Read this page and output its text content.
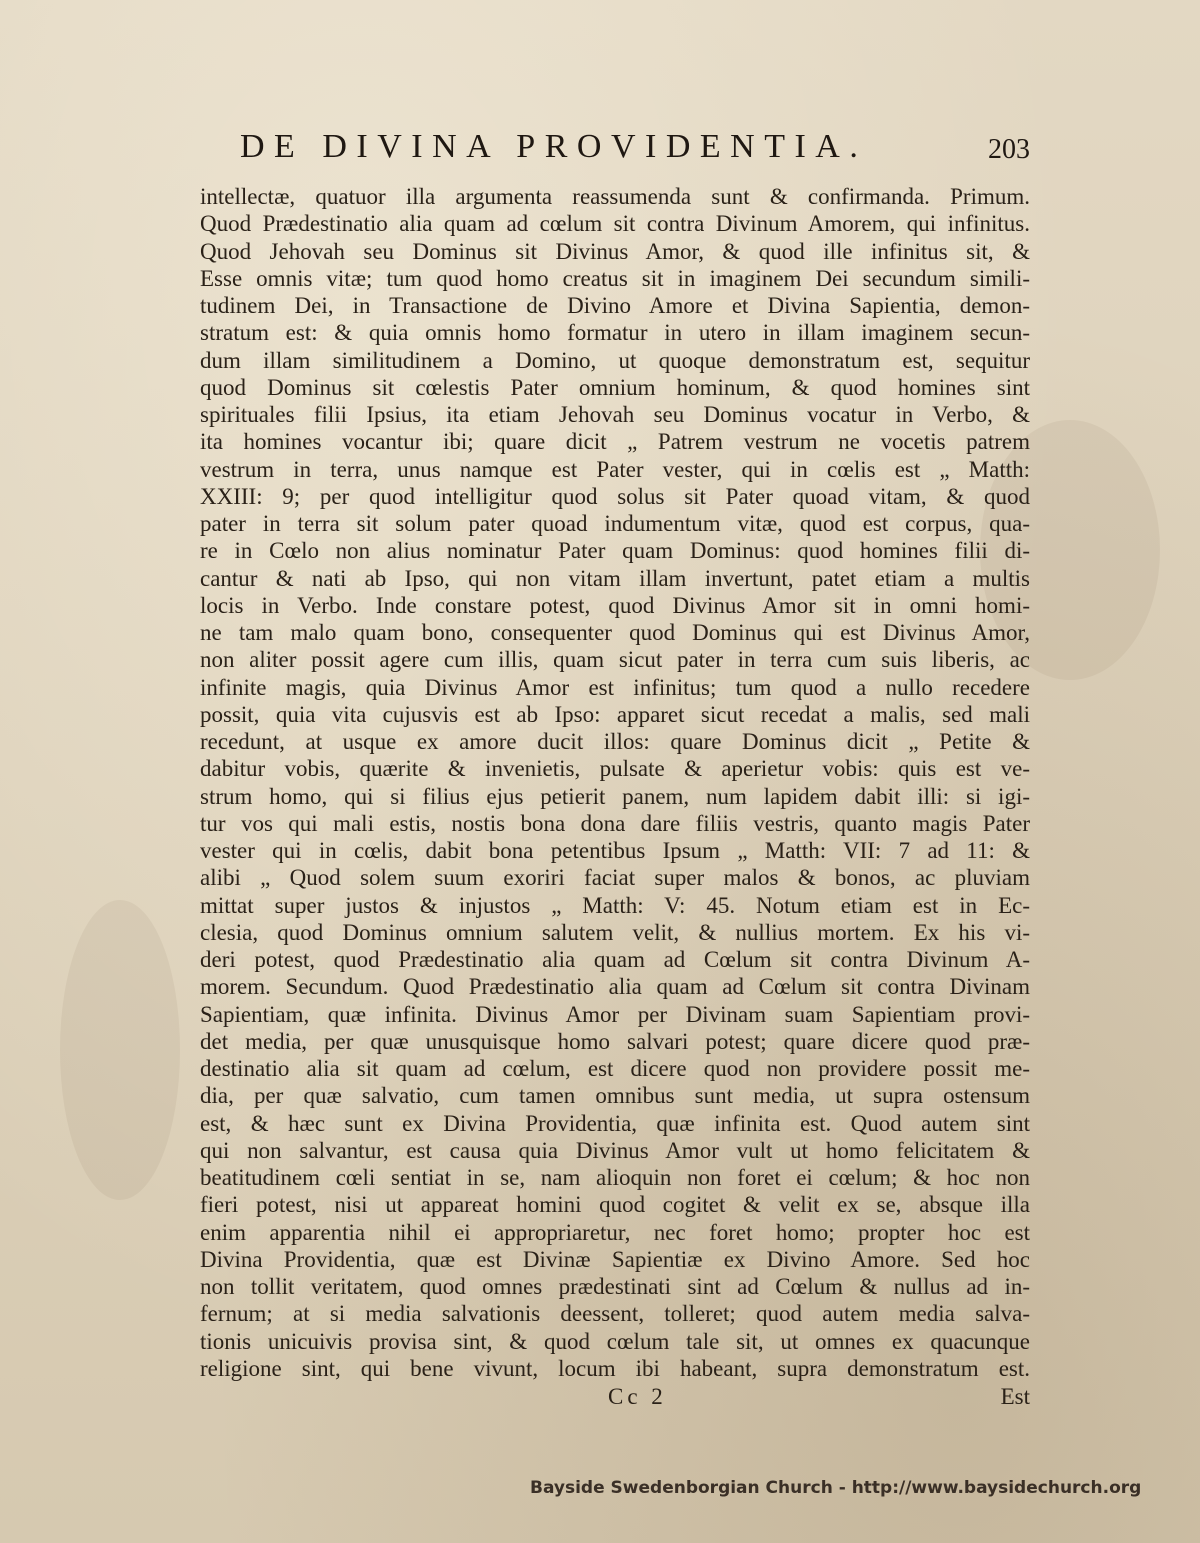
DE DIVINA PROVIDENTIA.	203
intellectæ, quatuor illa argumenta reassumenda sunt & confirmanda. Primum.
Quod Prædestinatio alia quam ad cœlum sit contra Divinum Amorem, qui infinitus.
Quod Jehovah seu Dominus sit Divinus Amor, & quod ille infinitus sit, &
Esse omnis vitæ; tum quod homo creatus sit in imaginem Dei secundum simili-
tudinem Dei, in Transactione de Divino Amore et Divina Sapientia, demon-
stratum est: & quia omnis homo formatur in utero in illam imaginem secun-
dum illam similitudinem a Domino, ut quoque demonstratum est, sequitur
quod Dominus sit cœlestis Pater omnium hominum, & quod homines sint
spirituales filii Ipsius, ita etiam Jehovah seu Dominus vocatur in Verbo, &
ita homines vocantur ibi; quare dicit „ Patrem vestrum ne vocetis patrem
vestrum in terra, unus namque est Pater vester, qui in cœlis est „ Matth:
XXIII: 9; per quod intelligitur quod solus sit Pater quoad vitam, & quod
pater in terra sit solum pater quoad indumentum vitæ, quod est corpus, qua-
re in Cœlo non alius nominatur Pater quam Dominus: quod homines filii di-
cantur & nati ab Ipso, qui non vitam illam invertunt, patet etiam a multis
locis in Verbo. Inde constare potest, quod Divinus Amor sit in omni homi-
ne tam malo quam bono, consequenter quod Dominus qui est Divinus Amor,
non aliter possit agere cum illis, quam sicut pater in terra cum suis liberis, ac
infinite magis, quia Divinus Amor est infinitus; tum quod a nullo recedere
possit, quia vita cujusvis est ab Ipso: apparet sicut recedat a malis, sed mali
recedunt, at usque ex amore ducit illos: quare Dominus dicit „ Petite &
dabitur vobis, quærite & invenietis, pulsate & aperietur vobis: quis est ve-
strum homo, qui si filius ejus petierit panem, num lapidem dabit illi: si igi-
tur vos qui mali estis, nostis bona dona dare filiis vestris, quanto magis Pater
vester qui in cœlis, dabit bona petentibus Ipsum „ Matth: VII: 7 ad 11: &
alibi „ Quod solem suum exoriri faciat super malos & bonos, ac pluviam
mittat super justos & injustos „ Matth: V: 45. Notum etiam est in Ec-
clesia, quod Dominus omnium salutem velit, & nullius mortem. Ex his vi-
deri potest, quod Prædestinatio alia quam ad Cœlum sit contra Divinum A-
morem. Secundum. Quod Prædestinatio alia quam ad Cœlum sit contra Divinam
Sapientiam, quæ infinita. Divinus Amor per Divinam suam Sapientiam provi-
det media, per quæ unusquisque homo salvari potest; quare dicere quod præ-
destinatio alia sit quam ad cœlum, est dicere quod non providere possit me-
dia, per quæ salvatio, cum tamen omnibus sunt media, ut supra ostensum
est, & hæc sunt ex Divina Providentia, quæ infinita est. Quod autem sint
qui non salvantur, est causa quia Divinus Amor vult ut homo felicitatem &
beatitudinem cœli sentiat in se, nam alioquin non foret ei cœlum; & hoc non
fieri potest, nisi ut appareat homini quod cogitet & velit ex se, absque illa
enim apparentia nihil ei appropriaretur, nec foret homo; propter hoc est
Divina Providentia, quæ est Divinæ Sapientiæ ex Divino Amore. Sed hoc
non tollit veritatem, quod omnes prædestinati sint ad Cœlum & nullus ad in-
fernum; at si media salvationis deessent, tolleret; quod autem media salva-
tionis unicuivis provisa sint, & quod cœlum tale sit, ut omnes ex quacunque
religione sint, qui bene vivunt, locum ibi habeant, supra demonstratum est.
Cc 2	Est
Bayside Swedenborgian Church - http://www.baysidechurch.org
